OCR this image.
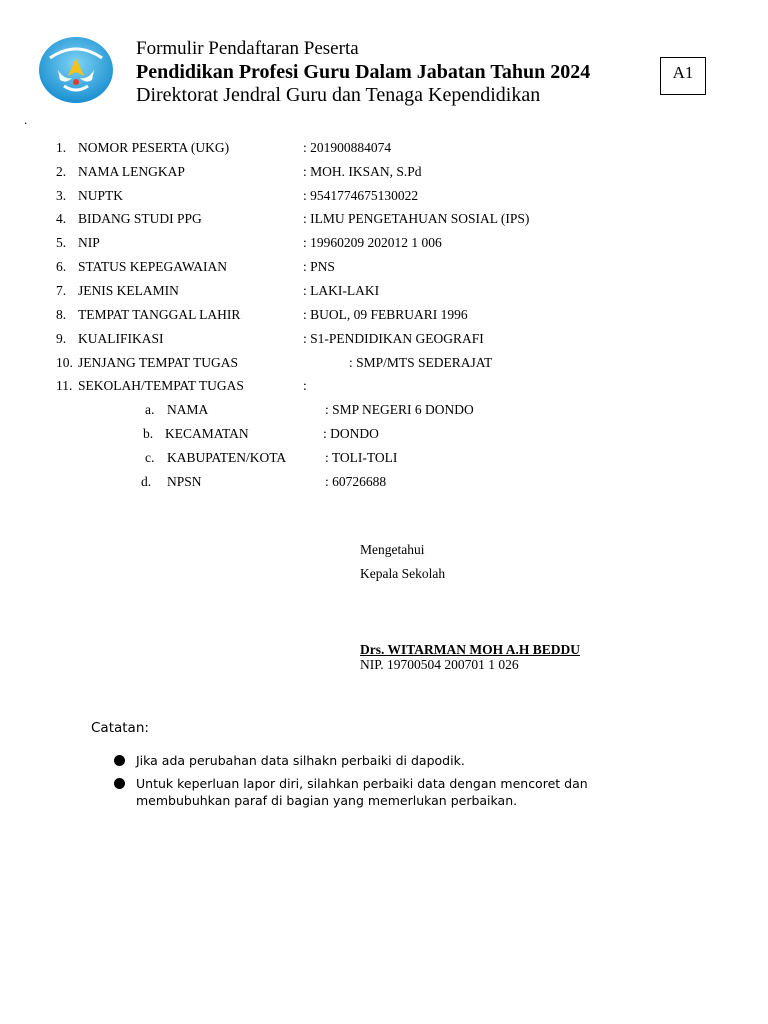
Formulir Pendaftaran Peserta
Pendidikan Profesi Guru Dalam Jabatan Tahun 2024
Direktorat Jendral Guru dan Tenaga Kependidikan
A1
.
1. NOMOR PESERTA (UKG)	: 201900884074
2. NAMA LENGKAP	: MOH. IKSAN, S.Pd
3. NUPTK	: 9541774675130022
4. BIDANG STUDI PPG	: ILMU PENGETAHUAN SOSIAL (IPS)
5. NIP	: 19960209 202012 1 006
6. STATUS KEPEGAWAIAN	: PNS
7. JENIS KELAMIN	: LAKI-LAKI
8. TEMPAT TANGGAL LAHIR	: BUOL, 09 FEBRUARI 1996
9. KUALIFIKASI	: S1-PENDIDIKAN GEOGRAFI
10. JENJANG TEMPAT TUGAS	: SMP/MTS SEDERAJAT
11. SEKOLAH/TEMPAT TUGAS	:
a. NAMA	: SMP NEGERI 6 DONDO
b. KECAMATAN	: DONDO
c. KABUPATEN/KOTA	: TOLI-TOLI
d. NPSN	: 60726688
Mengetahui
Kepala Sekolah
Drs. WITARMAN MOH A.H BEDDU
NIP. 19700504 200701 1 026
Catatan:
Jika ada perubahan data silhakn perbaiki di dapodik.
Untuk keperluan lapor diri, silahkan perbaiki data dengan mencoret dan membubuhkan paraf di bagian yang memerlukan perbaikan.
